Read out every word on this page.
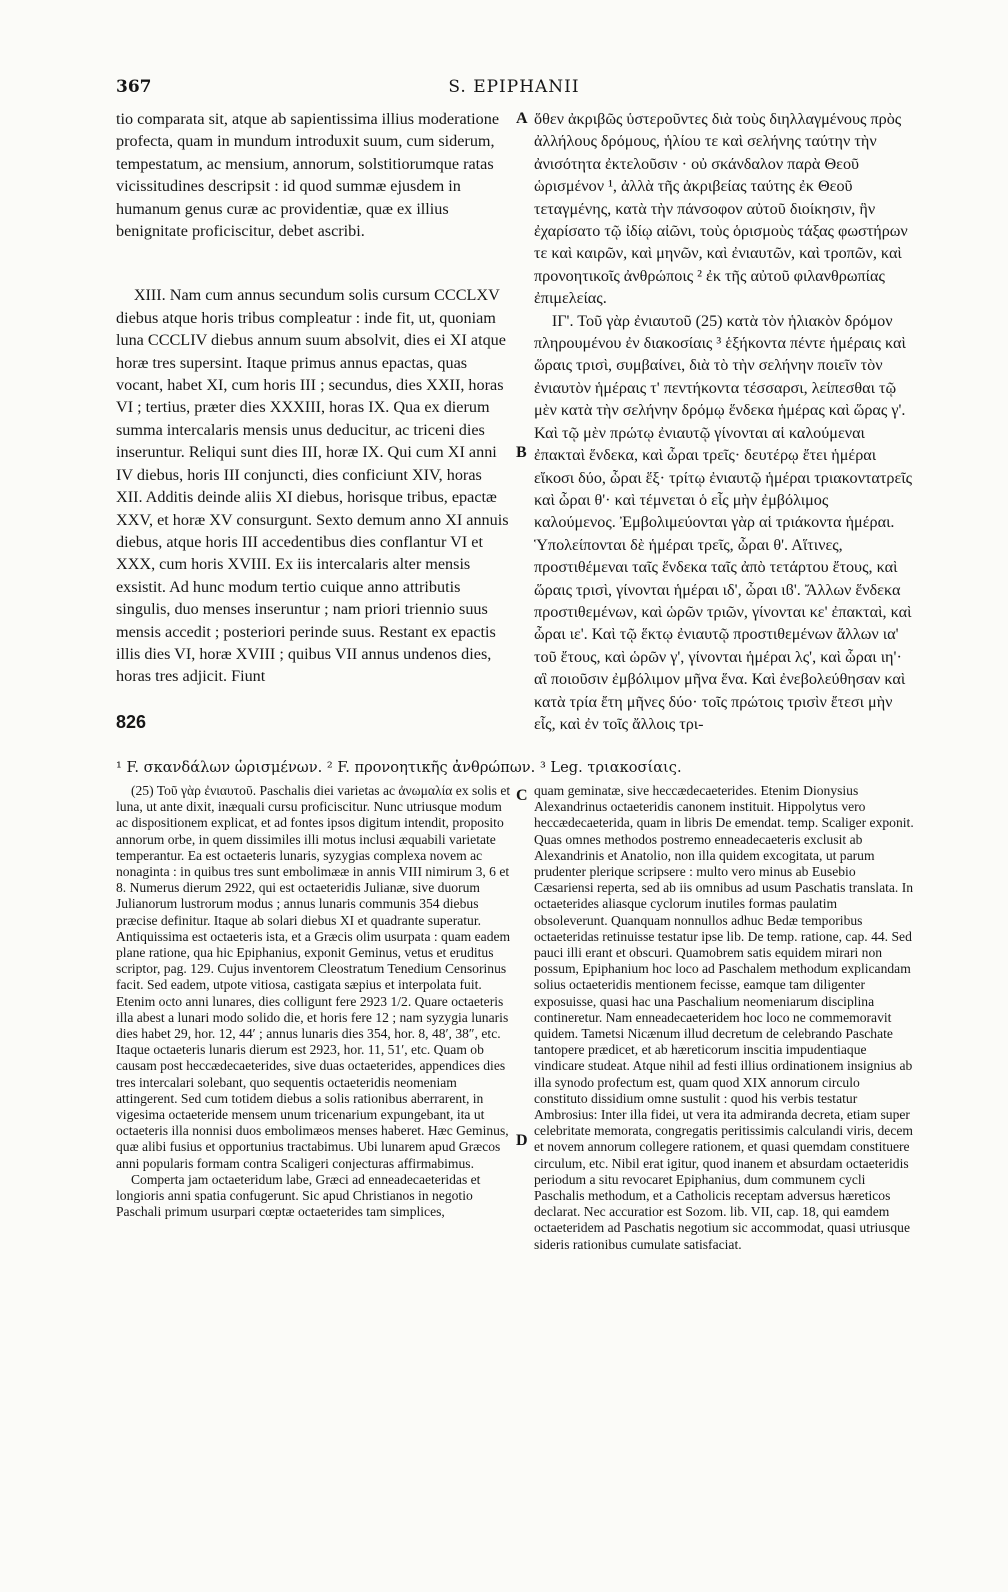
367	S. EPIPHANII

tio comparata sit, atque ab sapientissima illius moderatione profecta, quam in mundum introduxit suum, cum siderum, tempestatum, ac mensium, annorum, solstitiorumque ratas vicissitudines descripsit : id quod summæ ejusdem in humanum genus curæ ac providentiæ, quæ ex illius benignitate proficiscitur, debet ascribi.

XIII. Nam cum annus secundum solis cursum CCCLXV diebus atque horis tribus compleatur : inde fit, ut, quoniam luna CCCLIV diebus annum suum absolvit, dies ei XI atque horæ tres supersint. Itaque primus annus epactas, quas vocant, habet XI, cum horis III ; secundus, dies XXII, horas VI ; tertius, præter dies XXXIII, horas IX. Qua ex dierum summa intercalaris mensis unus deducitur, ac triceni dies inseruntur. Reliqui sunt dies III, horæ IX. Qui cum XI anni IV diebus, horis III conjuncti, dies conficiunt XIV, horas XII. Additis deinde aliis XI diebus, horisque tribus, epactæ XXV, et horæ XV consurgunt. Sexto demum anno XI annuis diebus, atque horis III accedentibus dies conflantur VI et XXX, cum horis XVIII. Ex iis intercalaris alter mensis exsistit. Ad hunc modum tertio cuique anno attributis singulis, duo menses inseruntur ; nam priori triennio suus mensis accedit ; posteriori perinde suus. Restant ex epactis illis dies VI, horæ XVIII ; quibus VII annus undenos dies, horas tres adjicit. Fiunt

ὅθεν ἀκριβῶς ὑστεροῦντες διὰ τοὺς διηλλαγμένους πρὸς ἀλλήλους δρόμους, ἡλίου τε καὶ σελήνης ταύτην τὴν ἀνισότητα ἐκτελοῦσιν · οὐ σκάνδαλον παρὰ Θεοῦ ὡρισμένον ¹, ἀλλὰ τῆς ἀκριβείας ταύτης ἐκ Θεοῦ τεταγμένης, κατὰ τὴν πάνσοφον αὐτοῦ διοίκησιν, ἣν ἐχαρίσατο τῷ ἰδίῳ αἰῶνι, τοὺς ὁρισμοὺς τάξας φωστήρων τε καὶ καιρῶν, καὶ μηνῶν, καὶ ἐνιαυτῶν, καὶ τροπῶν, καὶ προνοητικοῖς ἀνθρώποις ² ἐκ τῆς αὐτοῦ φιλανθρωπίας ἐπιμελείας.

ΙΓ'. Τοῦ γὰρ ἐνιαυτοῦ (25) κατὰ τὸν ἡλιακὸν δρόμον πληρουμένου ἐν διακοσίαις ³ ἑξήκοντα πέντε ἡμέραις καὶ ὥραις τρισὶ, συμβαίνει, διὰ τὸ τὴν σελήνην ποιεῖν τὸν ἐνιαυτὸν ἡμέραις τ' πεντήκοντα τέσσαρσι, λείπεσθαι τῷ μὲν κατὰ τὴν σελήνην δρόμῳ ἕνδεκα ἡμέρας καὶ ὥρας γ'. Καὶ τῷ μὲν πρώτῳ ἐνιαυτῷ γίνονται αἱ καλούμεναι ἐπακταὶ ἕνδεκα, καὶ ὧραι τρεῖς· δευτέρῳ ἔτει ἡμέραι εἴκοσι δύο, ὧραι ἕξ· τρίτῳ ἐνιαυτῷ ἡμέραι τριακοντατρεῖς καὶ ὧραι θ'· καὶ τέμνεται ὁ εἷς μὴν ἐμβόλιμος καλούμενος. Ἐμβολιμεύονται γὰρ αἱ τριάκοντα ἡμέραι. Ὑπολείπονται δὲ ἡμέραι τρεῖς, ὧραι θ'. Αἵτινες, προστιθέμεναι ταῖς ἕνδεκα ταῖς ἀπὸ τετάρτου ἔτους, καὶ ὥραις τρισὶ, γίνονται ἡμέραι ιδ', ὧραι ιϐ'. Ἄλλων ἕνδεκα προστιθεμένων, καὶ ὡρῶν τριῶν, γίνονται κε' ἐπακταὶ, καὶ ὧραι ιε'. Καὶ τῷ ἕκτῳ ἐνιαυτῷ προστιθεμένων ἄλλων ια' τοῦ ἔτους, καὶ ὡρῶν γ', γίνονται ἡμέραι λς', καὶ ὧραι ιη'· αἳ ποιοῦσιν ἐμβόλιμον μῆνα ἕνα. Καὶ ἐνεβολεύθησαν καὶ κατὰ τρία ἔτη μῆνες δύο· τοῖς πρώτοις τρισὶν ἔτεσι μὴν εἷς, καὶ ἐν τοῖς ἄλλοις τρι-

A
B
C
D
826
¹ F. σκανδάλων ὡρισμένων. ² F. προνοητικῆς ἀνθρώπων. ³ Leg. τριακοσίαις.

(25) Τοῦ γὰρ ἐνιαυτοῦ. Paschalis diei varietas ac ἀνωμαλία ex solis et luna, ut ante dixit, inæquali cursu proficiscitur. Nunc utriusque modum ac dispositionem explicat, et ad fontes ipsos digitum intendit, proposito annorum orbe, in quem dissimiles illi motus inclusi æquabili varietate temperantur. Ea est octaeteris lunaris, syzygias complexa novem ac nonaginta : in quibus tres sunt embolimææ in annis VIII nimirum 3, 6 et 8. Numerus dierum 2922, qui est octaeteridis Julianæ, sive duorum Julianorum lustrorum modus ; annus lunaris communis 354 diebus præcise definitur. Itaque ab solari diebus XI et quadrante superatur. Antiquissima est octaeteris ista, et a Græcis olim usurpata : quam eadem plane ratione, qua hic Epiphanius, exponit Geminus, vetus et eruditus scriptor, pag. 129. Cujus inventorem Cleostratum Tenedium Censorinus facit. Sed eadem, utpote vitiosa, castigata sæpius et interpolata fuit. Etenim octo anni lunares, dies colligunt fere 2923 1/2. Quare octaeteris illa abest a lunari modo solido die, et horis fere 12 ; nam syzygia lunaris dies habet 29, hor. 12, 44′ ; annus lunaris dies 354, hor. 8, 48′, 38″, etc. Itaque octaeteris lunaris dierum est 2923, hor. 11, 51′, etc. Quam ob causam post heccædecaeterides, sive duas octaeterides, appendices dies tres intercalari solebant, quo sequentis octaeteridis neomeniam attingerent. Sed cum totidem diebus a solis rationibus aberrarent, in vigesima octaeteride mensem unum tricenarium expungebant, ita ut octaeteris illa nonnisi duos embolimæos menses haberet. Hæc Geminus, quæ alibi fusius et opportunius tractabimus. Ubi lunarem apud Græcos anni popularis formam contra Scaligeri conjecturas affirmabimus.

Comperta jam octaeteridum labe, Græci ad enneadecaeteridas et longioris anni spatia confugerunt. Sic apud Christianos in negotio Paschali primum usurpari cœptæ octaeterides tam simplices,

quam geminatæ, sive heccædecaeterides. Etenim Dionysius Alexandrinus octaeteridis canonem instituit. Hippolytus vero heccædecaeterida, quam in libris De emendat. temp. Scaliger exponit. Quas omnes methodos postremo enneadecaeteris exclusit ab Alexandrinis et Anatolio, non illa quidem excogitata, ut parum prudenter plerique scripsere : multo vero minus ab Eusebio Cæsariensi reperta, sed ab iis omnibus ad usum Paschatis translata. In octaeterides aliasque cyclorum inutiles formas paulatim obsoleverunt. Quanquam nonnullos adhuc Bedæ temporibus octaeteridas retinuisse testatur ipse lib. De temp. ratione, cap. 44. Sed pauci illi erant et obscuri. Quamobrem satis equidem mirari non possum, Epiphanium hoc loco ad Paschalem methodum explicandam solius octaeteridis mentionem fecisse, eamque tam diligenter exposuisse, quasi hac una Paschalium neomeniarum disciplina contineretur. Nam enneadecaeteridem hoc loco ne commemoravit quidem. Tametsi Nicænum illud decretum de celebrando Paschate tantopere prædicet, et ab hæreticorum inscitia impudentiaque vindicare studeat. Atque nihil ad festi illius ordinationem insignius ab illa synodo profectum est, quam quod XIX annorum circulo constituto dissidium omne sustulit : quod his verbis testatur Ambrosius: Inter illa fidei, ut vera ita admiranda decreta, etiam super celebritate memorata, congregatis peritissimis calculandi viris, decem et novem annorum collegere rationem, et quasi quemdam constituere circulum, etc. Nibil erat igitur, quod inanem et absurdam octaeteridis periodum a situ revocaret Epiphanius, dum communem cycli Paschalis methodum, et a Catholicis receptam adversus hæreticos declarat. Nec accuratior est Sozom. lib. VII, cap. 18, qui eamdem octaeteridem ad Paschatis negotium sic accommodat, quasi utriusque sideris rationibus cumulate satisfaciat.
